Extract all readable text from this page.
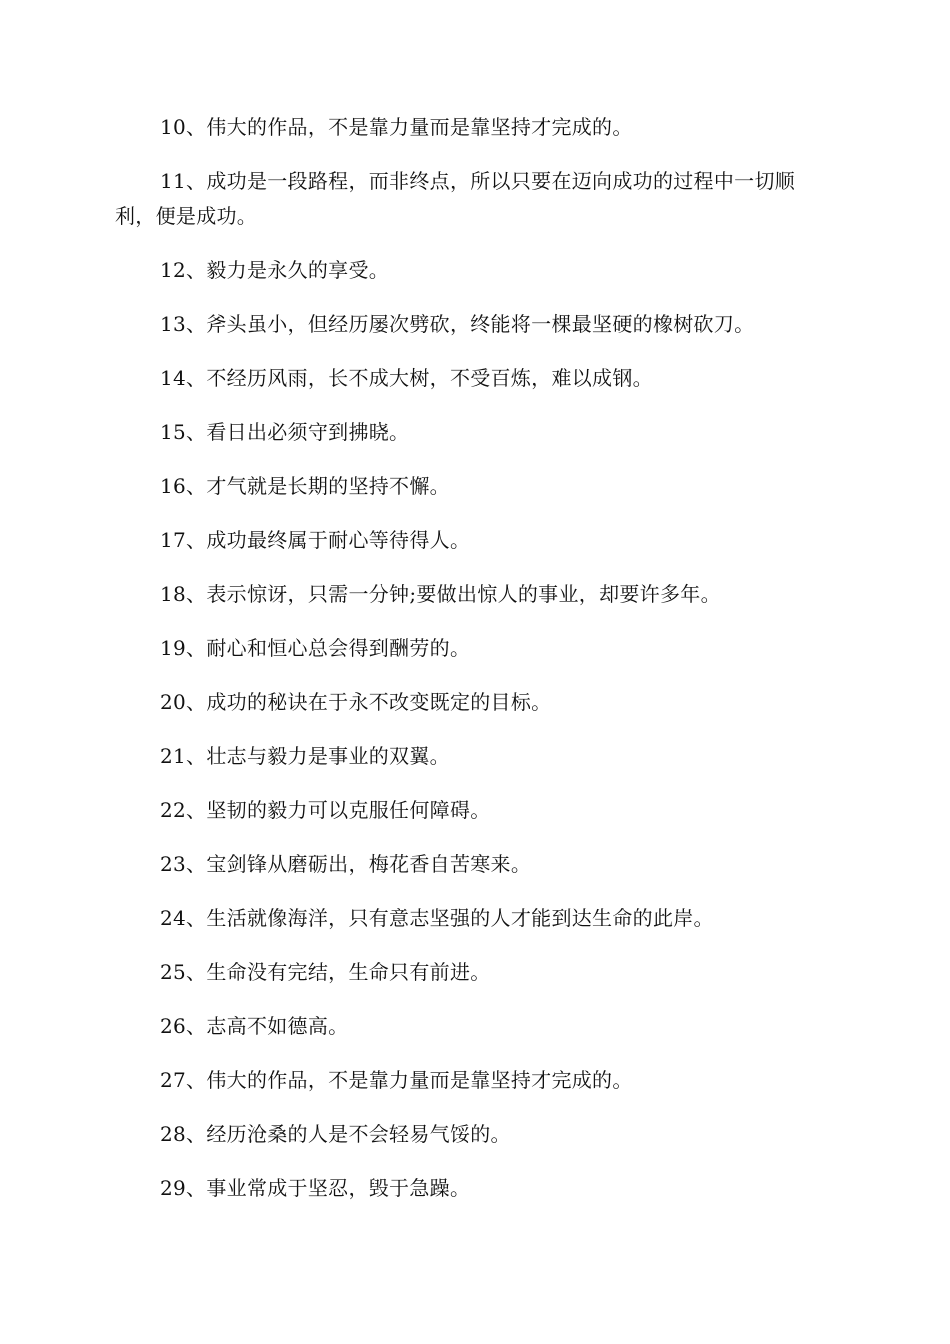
10、伟大的作品，不是靠力量而是靠坚持才完成的。

11、成功是一段路程，而非终点，所以只要在迈向成功的过程中一切顺利，便是成功。

12、毅力是永久的享受。

13、斧头虽小，但经历屡次劈砍，终能将一棵最坚硬的橡树砍刀。

14、不经历风雨，长不成大树，不受百炼，难以成钢。

15、看日出必须守到拂晓。

16、才气就是长期的坚持不懈。

17、成功最终属于耐心等待得人。

18、表示惊讶，只需一分钟;要做出惊人的事业，却要许多年。

19、耐心和恒心总会得到酬劳的。

20、成功的秘诀在于永不改变既定的目标。

21、壮志与毅力是事业的双翼。

22、坚韧的毅力可以克服任何障碍。

23、宝剑锋从磨砺出，梅花香自苦寒来。

24、生活就像海洋，只有意志坚强的人才能到达生命的此岸。

25、生命没有完结，生命只有前进。

26、志高不如德高。

27、伟大的作品，不是靠力量而是靠坚持才完成的。

28、经历沧桑的人是不会轻易气馁的。

29、事业常成于坚忍，毁于急躁。
